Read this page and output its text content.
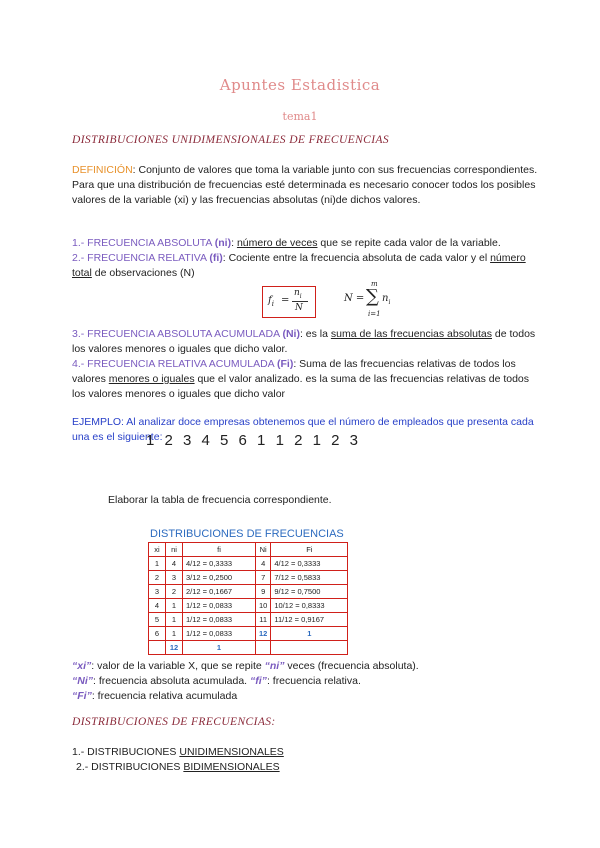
Apuntes Estadistica
tema1
DISTRIBUCIONES UNIDIMENSIONALES DE FRECUENCIAS
DEFINICIÓN: Conjunto de valores que toma la variable junto con sus frecuencias correspondientes.
Para que una distribución de frecuencias esté determinada es necesario conocer todos los posibles valores de la variable (xi) y las frecuencias absolutas (ni)de dichos valores.
1.- FRECUENCIA ABSOLUTA (ni): número de veces que se repite cada valor de la variable.
2.- FRECUENCIA RELATIVA (fi): Cociente entre la frecuencia absoluta de cada valor y el número total de observaciones (N)
$f_i$ =
$n_i$
N
N =
m
∑
i=1
$n_i$
3.- FRECUENCIA ABSOLUTA ACUMULADA (Ni): es la suma de las frecuencias absolutas de todos los valores menores o iguales que dicho valor.
4.- FRECUENCIA RELATIVA ACUMULADA (Fi): Suma de las frecuencias relativas de todos los valores menores o iguales que el valor analizado. es la suma de las frecuencias relativas de todos los valores menores o iguales que dicho valor
EJEMPLO: Al analizar doce empresas obtenemos que el número de empleados que presenta cada una es el siguiente:
1 2 3 4 5 6 1 1 2 1 2 3
Elaborar la tabla de frecuencia correspondiente.
DISTRIBUCIONES DE FRECUENCIAS
xi	ni	fi	Ni	Fi
1	4	4/12 = 0,3333	4	4/12 = 0,3333
2	3	3/12 = 0,2500	7	7/12 = 0,5833
3	2	2/12 = 0,1667	9	9/12 = 0,7500
4	1	1/12 = 0,0833	10	10/12 = 0,8333
5	1	1/12 = 0,0833	11	11/12 = 0,9167
6	1	1/12 = 0,0833	12	1
	12	1		
“xi”: valor de la variable X, que se repite “ni” veces (frecuencia absoluta).
“Ni”: frecuencia absoluta acumulada. “fi”: frecuencia relativa.
“Fi”: frecuencia relativa acumulada
DISTRIBUCIONES DE FRECUENCIAS:
1.- DISTRIBUCIONES UNIDIMENSIONALES
2.- DISTRIBUCIONES BIDIMENSIONALES
